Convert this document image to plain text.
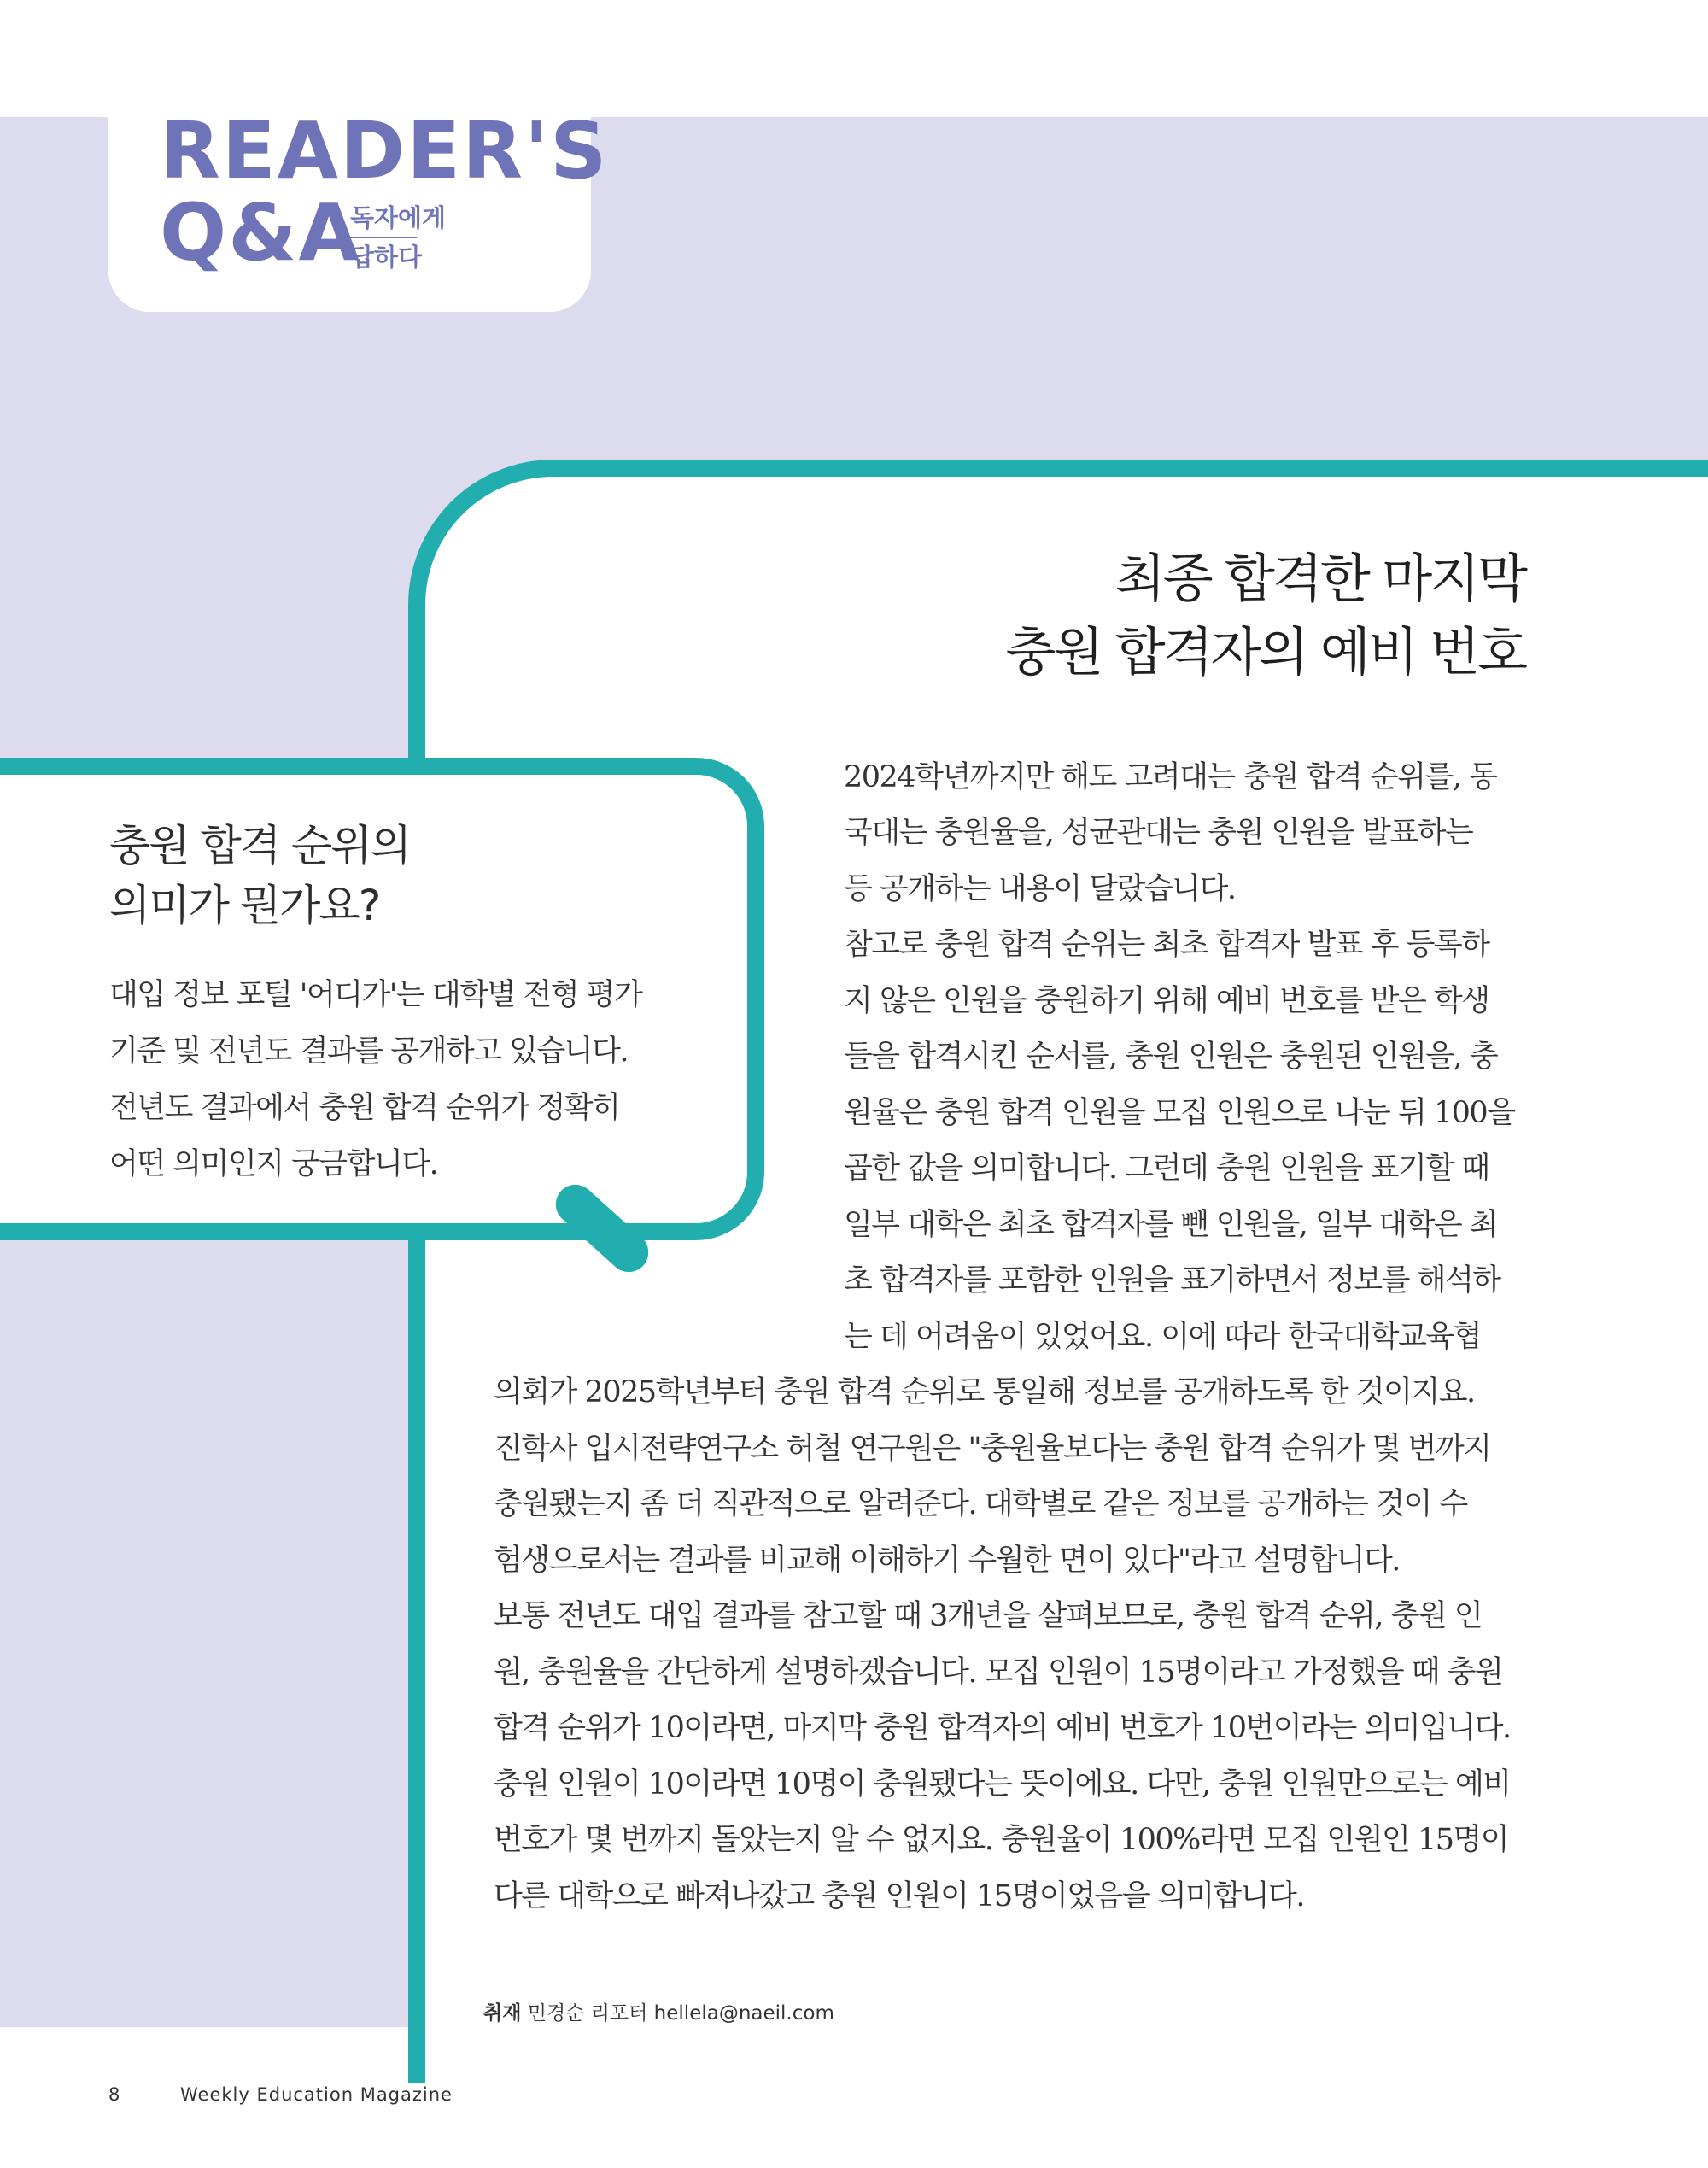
READER'S
Q&A
독자에게
답하다
충원 합격 순위의
의미가 뭔가요?
대입 정보 포털 '어디가'는 대학별 전형 평가
기준 및 전년도 결과를 공개하고 있습니다.
전년도 결과에서 충원 합격 순위가 정확히
어떤 의미인지 궁금합니다.
최종 합격한 마지막
충원 합격자의 예비 번호
2024학년까지만 해도 고려대는 충원 합격 순위를, 동
국대는 충원율을, 성균관대는 충원 인원을 발표하는
등 공개하는 내용이 달랐습니다.
참고로 충원 합격 순위는 최초 합격자 발표 후 등록하
지 않은 인원을 충원하기 위해 예비 번호를 받은 학생
들을 합격시킨 순서를, 충원 인원은 충원된 인원을, 충
원율은 충원 합격 인원을 모집 인원으로 나눈 뒤 100을
곱한 값을 의미합니다. 그런데 충원 인원을 표기할 때
일부 대학은 최초 합격자를 뺀 인원을, 일부 대학은 최
초 합격자를 포함한 인원을 표기하면서 정보를 해석하
는 데 어려움이 있었어요. 이에 따라 한국대학교육협
의회가 2025학년부터 충원 합격 순위로 통일해 정보를 공개하도록 한 것이지요.
진학사 입시전략연구소 허철 연구원은 "충원율보다는 충원 합격 순위가 몇 번까지
충원됐는지 좀 더 직관적으로 알려준다. 대학별로 같은 정보를 공개하는 것이 수
험생으로서는 결과를 비교해 이해하기 수월한 면이 있다"라고 설명합니다.
보통 전년도 대입 결과를 참고할 때 3개년을 살펴보므로, 충원 합격 순위, 충원 인
원, 충원율을 간단하게 설명하겠습니다. 모집 인원이 15명이라고 가정했을 때 충원
합격 순위가 10이라면, 마지막 충원 합격자의 예비 번호가 10번이라는 의미입니다.
충원 인원이 10이라면 10명이 충원됐다는 뜻이에요. 다만, 충원 인원만으로는 예비
번호가 몇 번까지 돌았는지 알 수 없지요. 충원율이 100%라면 모집 인원인 15명이
다른 대학으로 빠져나갔고 충원 인원이 15명이었음을 의미합니다.
취재 민경순 리포터 hellela@naeil.com
8	Weekly Education Magazine
